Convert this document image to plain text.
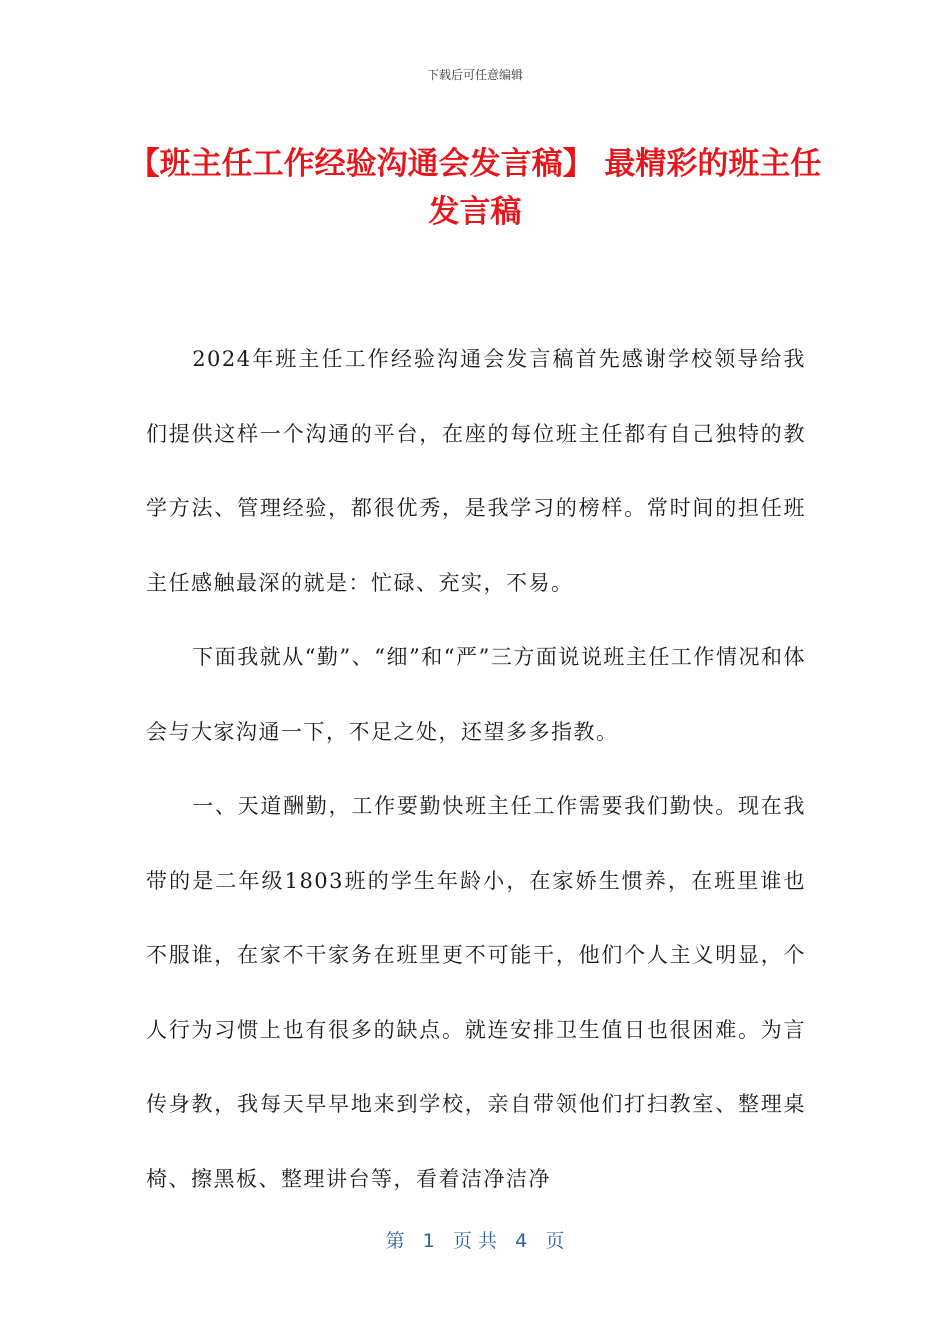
下载后可任意编辑
【班主任工作经验沟通会发言稿】 最精彩的班主任发言稿

2024年班主任工作经验沟通会发言稿首先感谢学校领导给我们提供这样一个沟通的平台，在座的每位班主任都有自己独特的教学方法、管理经验，都很优秀，是我学习的榜样。常时间的担任班主任感触最深的就是：忙碌、充实，不易。

下面我就从“勤”、“细”和“严”三方面说说班主任工作情况和体会与大家沟通一下，不足之处，还望多多指教。

一、天道酬勤，工作要勤快班主任工作需要我们勤快。现在我带的是二年级1803班的学生年龄小，在家娇生惯养，在班里谁也不服谁，在家不干家务在班里更不可能干，他们个人主义明显，个人行为习惯上也有很多的缺点。就连安排卫生值日也很困难。为言传身教，我每天早早地来到学校，亲自带领他们打扫教室、整理桌椅、擦黑板、整理讲台等，看着洁净洁净

第   1   页 共   4   页
